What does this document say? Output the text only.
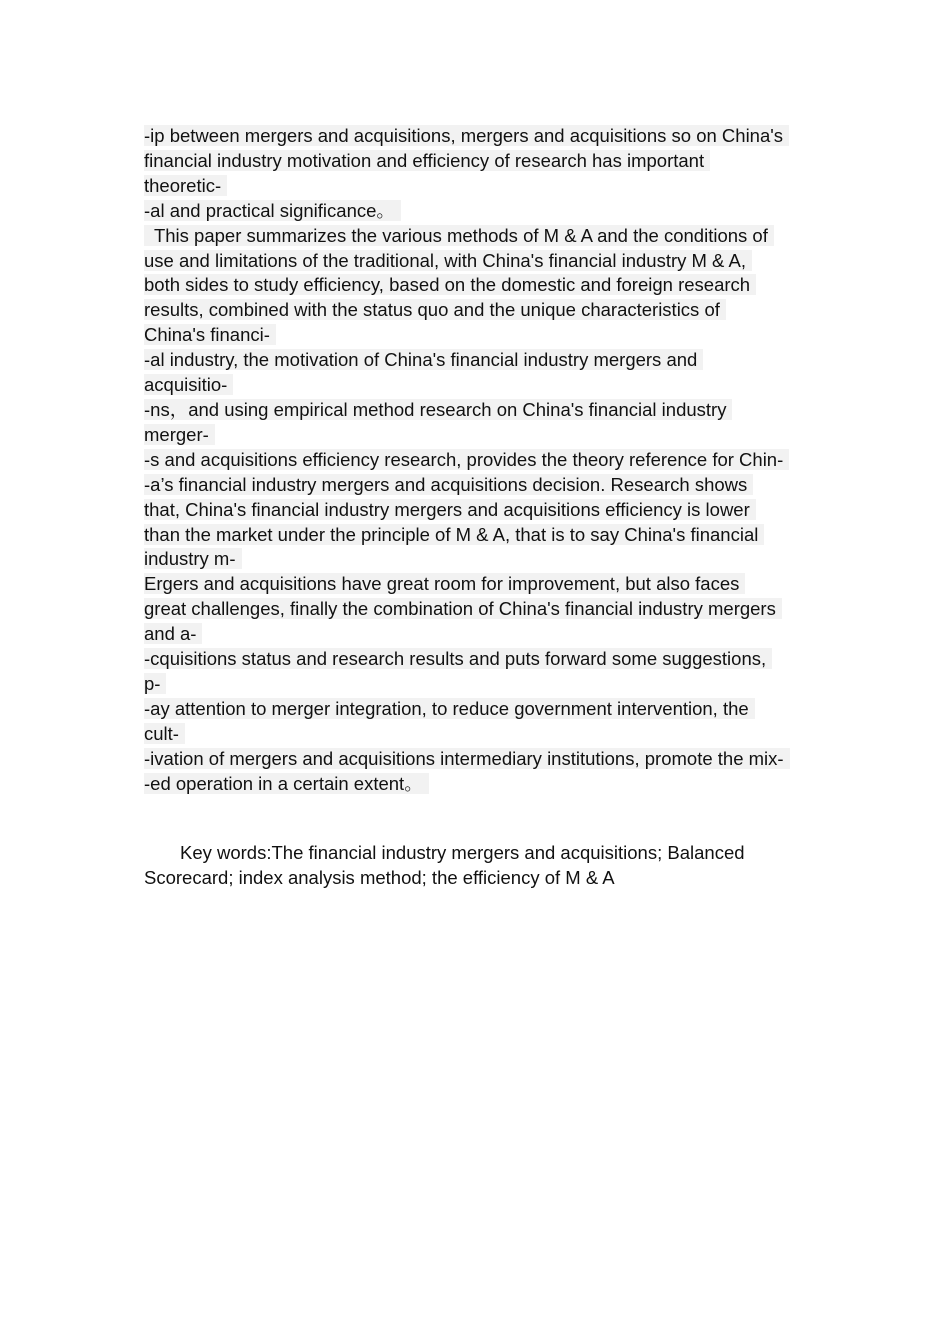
-ip between mergers and acquisitions, mergers and acquisitions so on China's
financial industry motivation and efficiency of research has important
theoretic-
-al and practical significance。
This paper summarizes the various methods of M & A and the conditions of
use and limitations of the traditional, with China's financial industry M & A,
both sides to study efficiency, based on the domestic and foreign research
results, combined with the status quo and the unique characteristics of
China's financi-
-al industry, the motivation of China's financial industry mergers and
acquisitio-
-ns，and using empirical method research on China's financial industry
merger-
-s and acquisitions efficiency research, provides the theory reference for Chin-
-a’s financial industry mergers and acquisitions decision. Research shows
that, China's financial industry mergers and acquisitions efficiency is lower
than the market under the principle of M & A, that is to say China's financial
industry m-
Ergers and acquisitions have great room for improvement, but also faces
great challenges, finally the combination of China's financial industry mergers
and a-
-cquisitions status and research results and puts forward some suggestions,
p-
-ay attention to merger integration, to reduce government intervention, the
cult-
-ivation of mergers and acquisitions intermediary institutions, promote the mix-
-ed operation in a certain extent。
Key words:The financial industry mergers and acquisitions; Balanced
Scorecard; index analysis method; the efficiency of M & A
